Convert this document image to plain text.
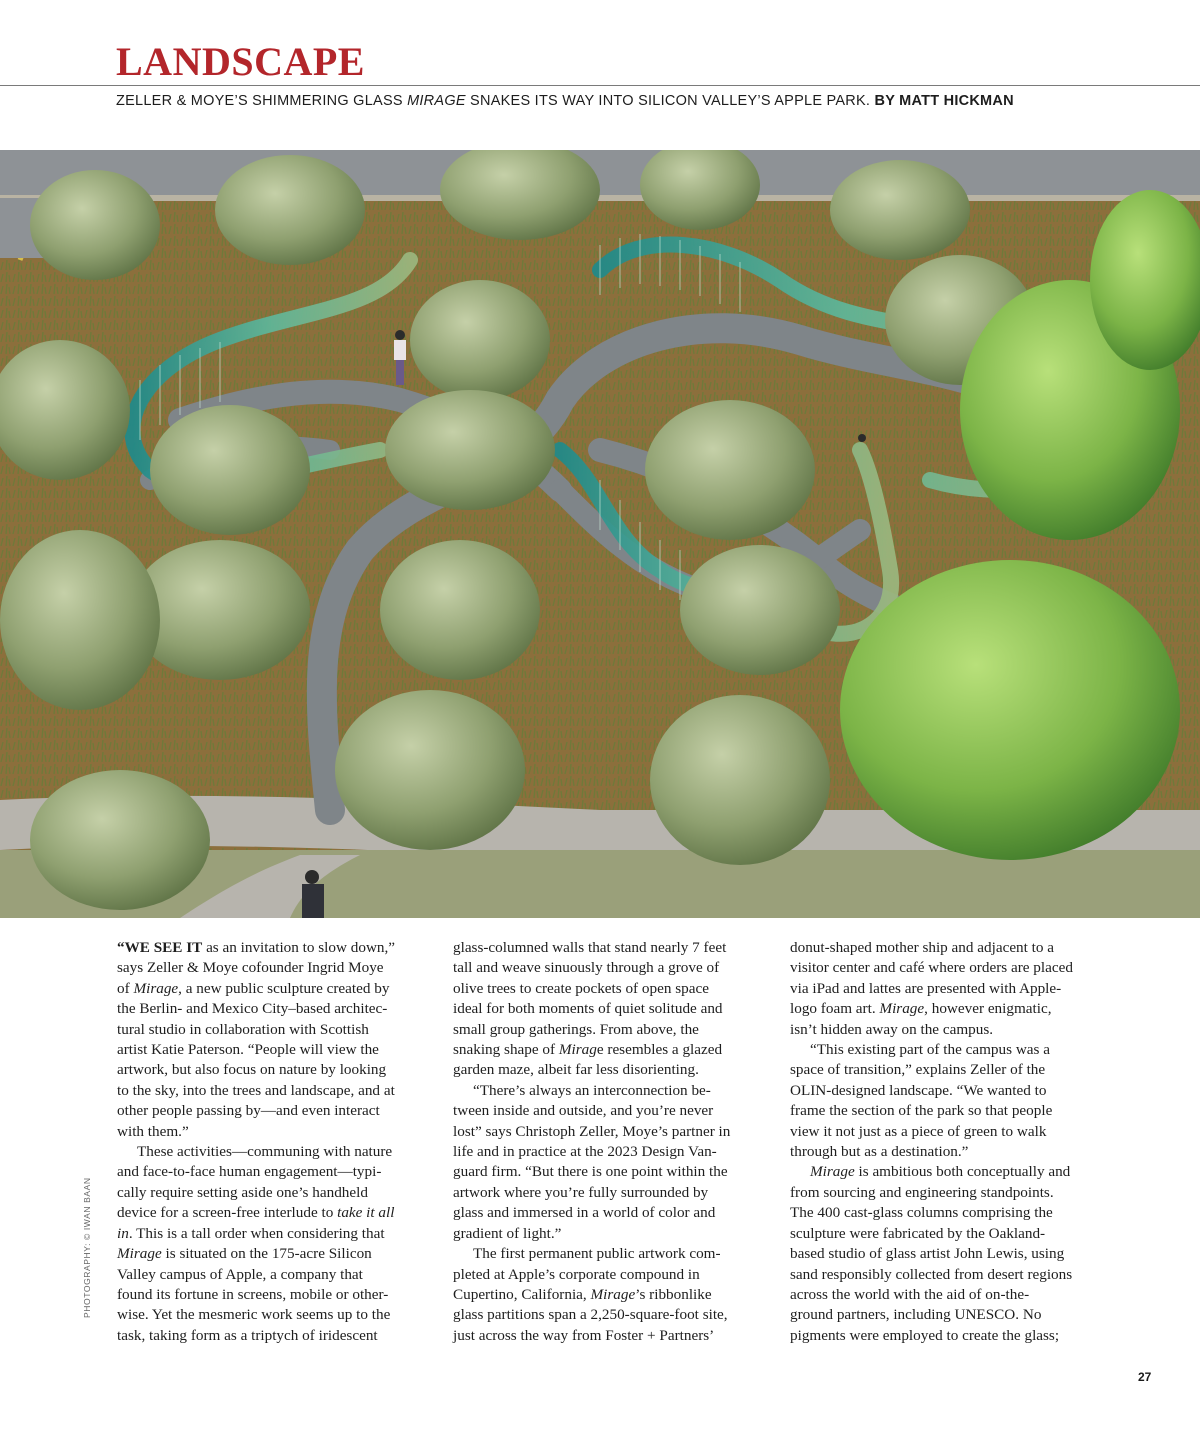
LANDSCAPE

ZELLER & MOYE’S SHIMMERING GLASS MIRAGE SNAKES ITS WAY INTO SILICON VALLEY’S APPLE PARK. BY MATT HICKMAN

PHOTOGRAPHY: © IWAN BAAN

“WE SEE IT as an invitation to slow down,”
says Zeller & Moye cofounder Ingrid Moye
of Mirage, a new public sculpture created by
the Berlin- and Mexico City–based architec-
tural studio in collaboration with Scottish
artist Katie Paterson. “People will view the
artwork, but also focus on nature by looking
to the sky, into the trees and landscape, and at
other people passing by—and even interact
with them.”

These activities—communing with nature
and face-to-face human engagement—typi-
cally require setting aside one’s handheld
device for a screen-free interlude to take it all
in. This is a tall order when considering that
Mirage is situated on the 175-acre Silicon
Valley campus of Apple, a company that
found its fortune in screens, mobile or other-
wise. Yet the mesmeric work seems up to the
task, taking form as a triptych of iridescent

glass-columned walls that stand nearly 7 feet
tall and weave sinuously through a grove of
olive trees to create pockets of open space
ideal for both moments of quiet solitude and
small group gatherings. From above, the
snaking shape of Mirage resembles a glazed
garden maze, albeit far less disorienting.

“There’s always an interconnection be-
tween inside and outside, and you’re never
lost” says Christoph Zeller, Moye’s partner in
life and in practice at the 2023 Design Van-
guard firm. “But there is one point within the
artwork where you’re fully surrounded by
glass and immersed in a world of color and
gradient of light.”

The first permanent public artwork com-
pleted at Apple’s corporate compound in
Cupertino, California, Mirage’s ribbonlike
glass partitions span a 2,250-square-foot site,
just across the way from Foster + Partners’

donut-shaped mother ship and adjacent to a
visitor center and café where orders are placed
via iPad and lattes are presented with Apple-
logo foam art. Mirage, however enigmatic,
isn’t hidden away on the campus.

“This existing part of the campus was a
space of transition,” explains Zeller of the
OLIN-designed landscape. “We wanted to
frame the section of the park so that people
view it not just as a piece of green to walk
through but as a destination.”

Mirage is ambitious both conceptually and
from sourcing and engineering standpoints.
The 400 cast-glass columns comprising the
sculpture were fabricated by the Oakland-
based studio of glass artist John Lewis, using
sand responsibly collected from desert regions
across the world with the aid of on-the-
ground partners, including UNESCO. No
pigments were employed to create the glass;

27
